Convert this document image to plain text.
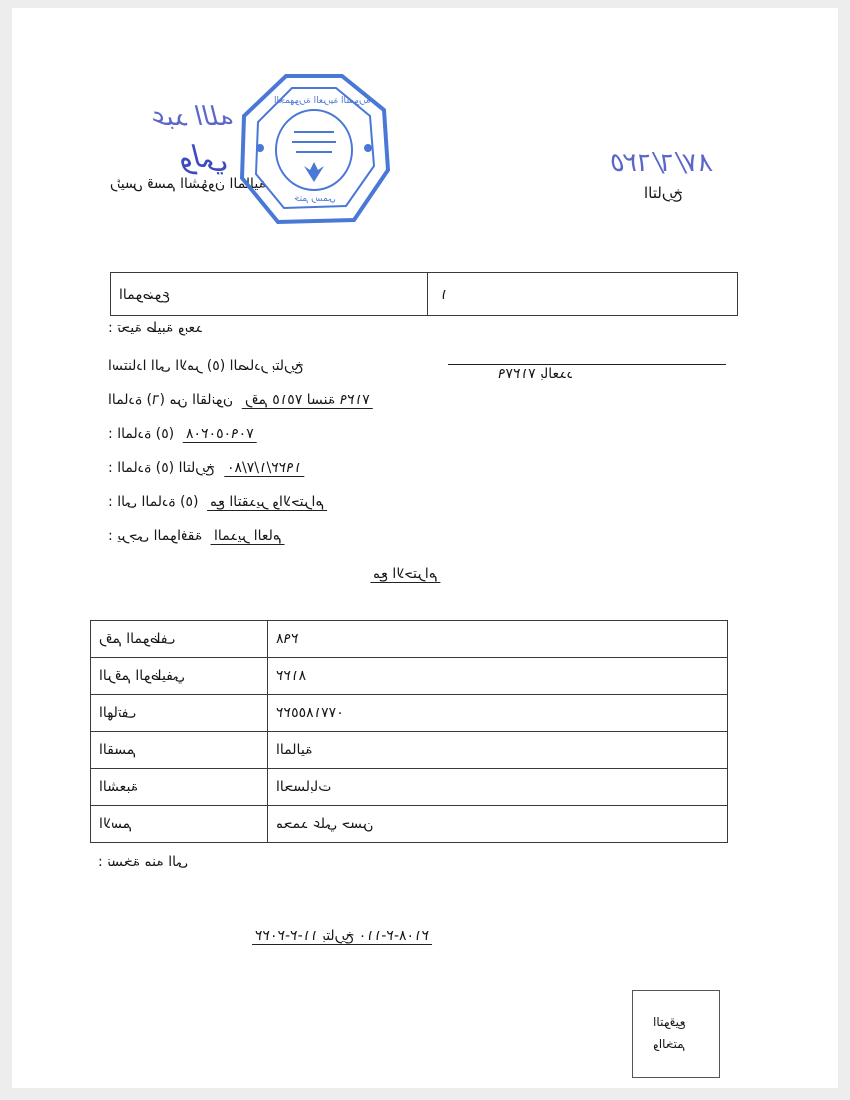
٨٧/٦/٦٢٥
التاريخ
ﻋﺒﺪ ﺍﻟﻠﻪ
ﻭﻟﻲ
رئيس قسم الشؤون المالية
ﺍﻟﺠﻤﻬﻮﺭﻳﺔ ﺍﻟﻌﺮﺑﻴﺔ ﺍﻟﺴﻮﺭﻳﺔ
ﺧﺘﻢ ﺭﺳﻤﻲ
الموضوع	١
تحية طيبة وبعد :
استنادا الى الامر (٥) الصادر بتاريخ	٧١٢٧٩ ﺑﺎﻟﻌﺪﺩ
المادة (٦) من القانون	ﺭﻗﻢ ٧٥١٥ ﻟﺴﻨﺔ ٧١٢٩
المادة (٥) :	٧٠٩٠٥٠٢٠٨
المادة (٥) التاريخ :	١٩٢٢/١/٧/٨٠
الى المادة (٥) :	ﻣﻊ ﺍﻟﺘﻘﺪﻳﺮ ﻭﺍﻻﺣﺘﺮﺍﻡ
يرجى الموافقة :	ﺍﻟﻤﺪﻳﺮ ﺍﻟﻌﺎﻡ
ﻣﻊ ﺍﻻﺣﺘﺮﺍﻡ
رقم الموظف	٢٩٨
الرقم الوظيفي	٨١٢٢
الهاتف	٠٧٧١٨٥٥٢٢
القسم	ﺍﻟﻤﺎﻟﻴﺔ
الشعبة	ﺍﻟﺤﺴﺎﺑﺎﺕ
الاسم	ﻣﺤﻤﺪ ﻋﻠﻲ ﺣﺴﻦ
نسخة منه الى :
٢٠٢٢-٢-١١ ﺑﺘﺎﺭﻳﺦ ١١٠-٢-٢١٠٨
ﺍﻟﺘﻮﻗﻴﻊ
ﻭﺍﻟﺨﺘﻢ
